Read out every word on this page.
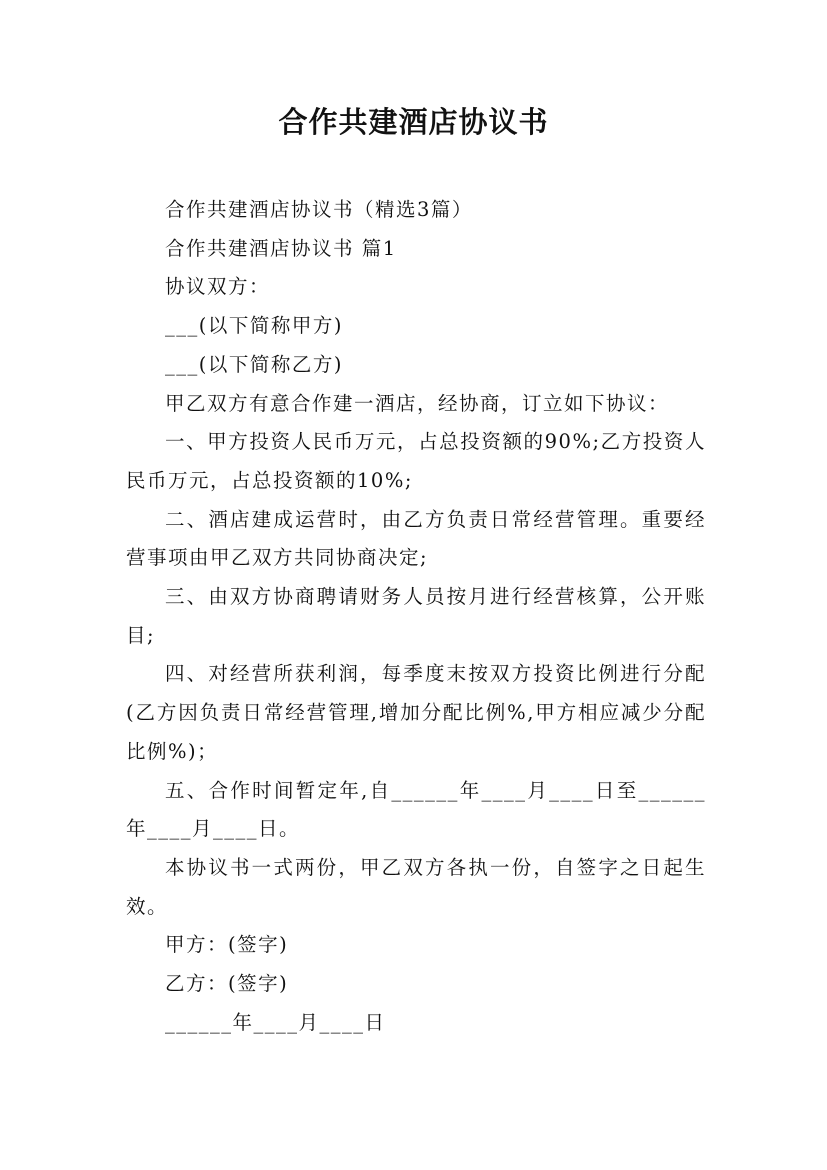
合作共建酒店协议书

合作共建酒店协议书（精选3篇）

合作共建酒店协议书 篇1

协议双方：

___(以下简称甲方)

___(以下简称乙方)

甲乙双方有意合作建一酒店，经协商，订立如下协议：

一、甲方投资人民币万元，占总投资额的90%;乙方投资人民币万元，占总投资额的10%;

二、酒店建成运营时，由乙方负责日常经营管理。重要经营事项由甲乙双方共同协商决定;

三、由双方协商聘请财务人员按月进行经营核算，公开账目;

四、对经营所获利润，每季度末按双方投资比例进行分配(乙方因负责日常经营管理,增加分配比例%,甲方相应减少分配比例%)；

五、合作时间暂定年,自______年____月____日至______年____月____日。

本协议书一式两份，甲乙双方各执一份，自签字之日起生效。

甲方：(签字)

乙方：(签字)

______年____月____日
